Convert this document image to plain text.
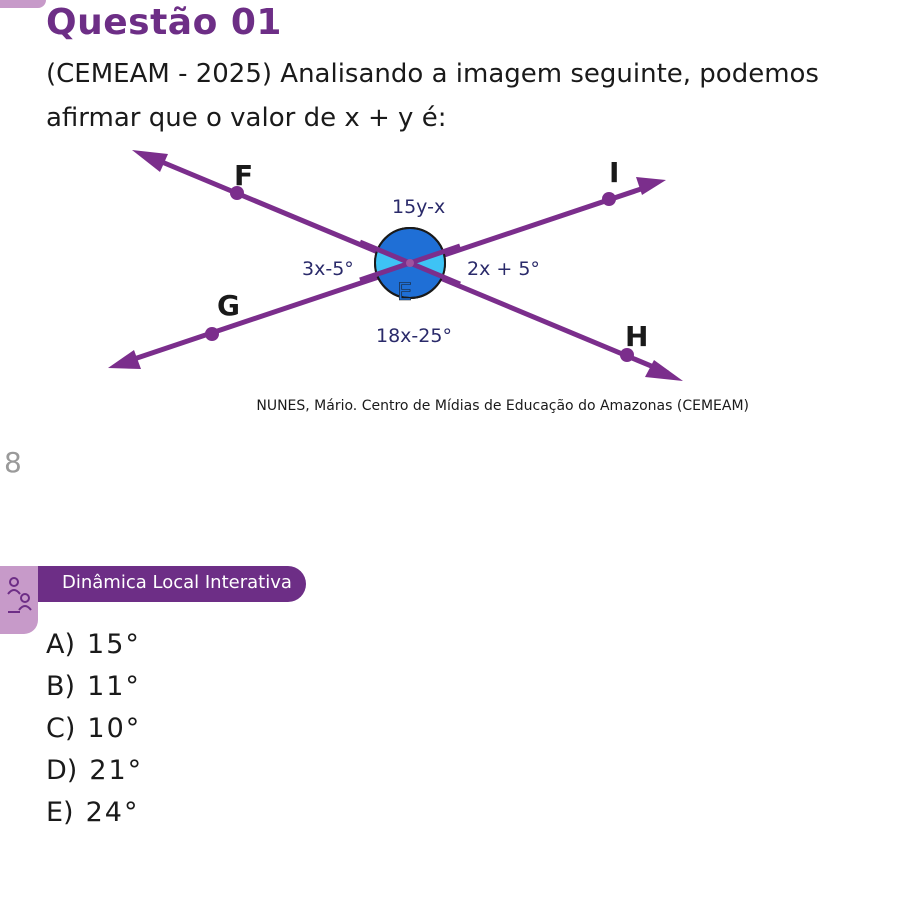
Questão 01

(CEMEAM - 2025) Analisando a imagem seguinte, podemos afirmar que o valor de x + y é:

F	I
G
H
E
15y-x
3x-5°	2x + 5°
18x-25°
NUNES, Mário. Centro de Mídias de Educação do Amazonas (CEMEAM)
8
Dinâmica Local Interativa
A) 15°
B) 11°
C) 10°
D) 21°
E) 24°
